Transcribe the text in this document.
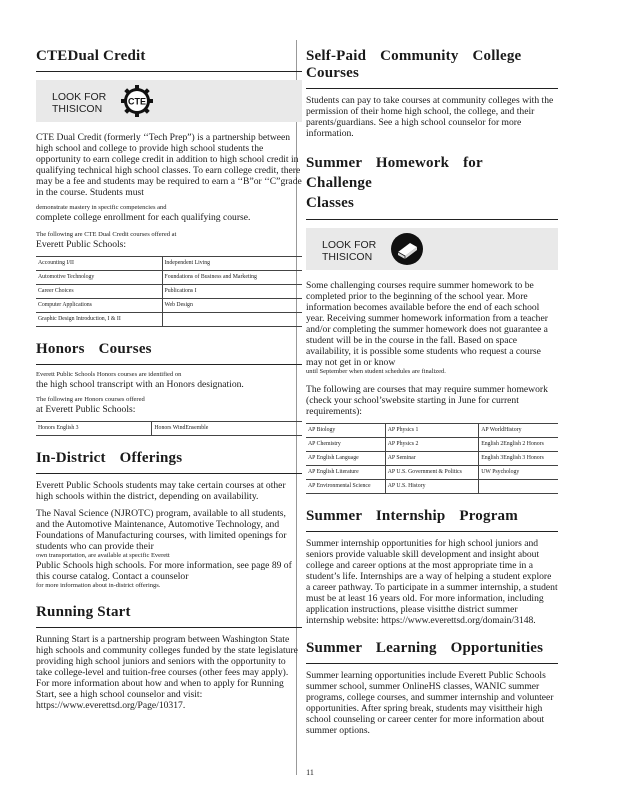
CTEDual Credit
LOOK FOR
THISICON
CTE

CTE Dual Credit (formerly ‘‘Tech Prep”) is a partnership between high school and college to provide high school students the opportunity to earn college credit in addition to high school credit in qualifying technical high school classes. To earn college credit, there may be a fee and students may be required to earn a ‘‘B”or ‘‘C”grade in the course. Students must

demonstrate mastery in specific competencies and

complete college enrollment for each qualifying course.

The following are CTE Dual Credit courses offered at

Everett Public Schools:

Accounting I/II	Independent Living
Automotive Technology	Foundations of Business and Marketing
Career Choices	Publications I
Computer Applications	Web Design
Graphic Design Introduction, I & II	
Honors Courses

Everett Public Schools Honors courses are identified on

the high school transcript with an Honors designation.

The following are Honors courses offered

at Everett Public Schools:

Honors English 3	Honors WindEnsemble
In-District Offerings

Everett Public Schools students may take certain courses at other high schools within the district, depending on availability.

The Naval Science (NJROTC) program, available to all students, and the Automotive Maintenance, Automotive Technology, and Foundations of Manufacturing courses, with limited openings for students who can provide their

own transportation, are available at specific Everett

Public Schools high schools. For more information, see page 89 of this course catalog. Contact a counselor

for more information about in-district offerings.

Running Start

Running Start is a partnership program between Washington State high schools and community colleges funded by the state legislature providing high school juniors and seniors with the opportunity to take college-level and tuition-free courses (other fees may apply). For more information about how and when to apply for Running Start, see a high school counselor and visit: https://www.everettsd.org/Page/10317.

Self-Paid Community College Courses

Students can pay to take courses at community colleges with the permission of their home high school, the college, and their parents/guardians. See a high school counselor for more information.

Summer Homework for Challenge
Classes
LOOK FOR
THISICON

Some challenging courses require summer homework to be completed prior to the beginning of the school year. More information becomes available before the end of each school year. Receiving summer homework information from a teacher and/or completing the summer homework does not guarantee a student will be in the course in the fall. Based on space availability, it is possible some students who request a course may not get in or know

until September when student schedules are finalized.

The following are courses that may require summer homework (check your school’swebsite starting in June for current requirements):

AP Biology	AP Physics 1	AP WorldHistory
AP Chemistry	AP Physics 2	English 2English 2 Honors
AP English Language	AP Seminar	English 3English 3 Honors
AP English Literature	AP U.S. Government & Politics	UW Psychology
AP Environmental Science	AP U.S. History	
Summer Internship Program

Summer internship opportunities for high school juniors and seniors provide valuable skill development and insight about college and career options at the most appropriate time in a student’s life. Internships are a way of helping a student explore a career pathway. To participate in a summer internship, a student must be at least 16 years old. For more information, including application instructions, please visitthe district summer internship website: https://www.everettsd.org/domain/3148.

Summer Learning Opportunities

Summer learning opportunities include Everett Public Schools summer school, summer OnlineHS classes, WANIC summer programs, college courses, and summer internship and volunteer opportunities. After spring break, students may visittheir high school counseling or career center for more information about summer options.

11
